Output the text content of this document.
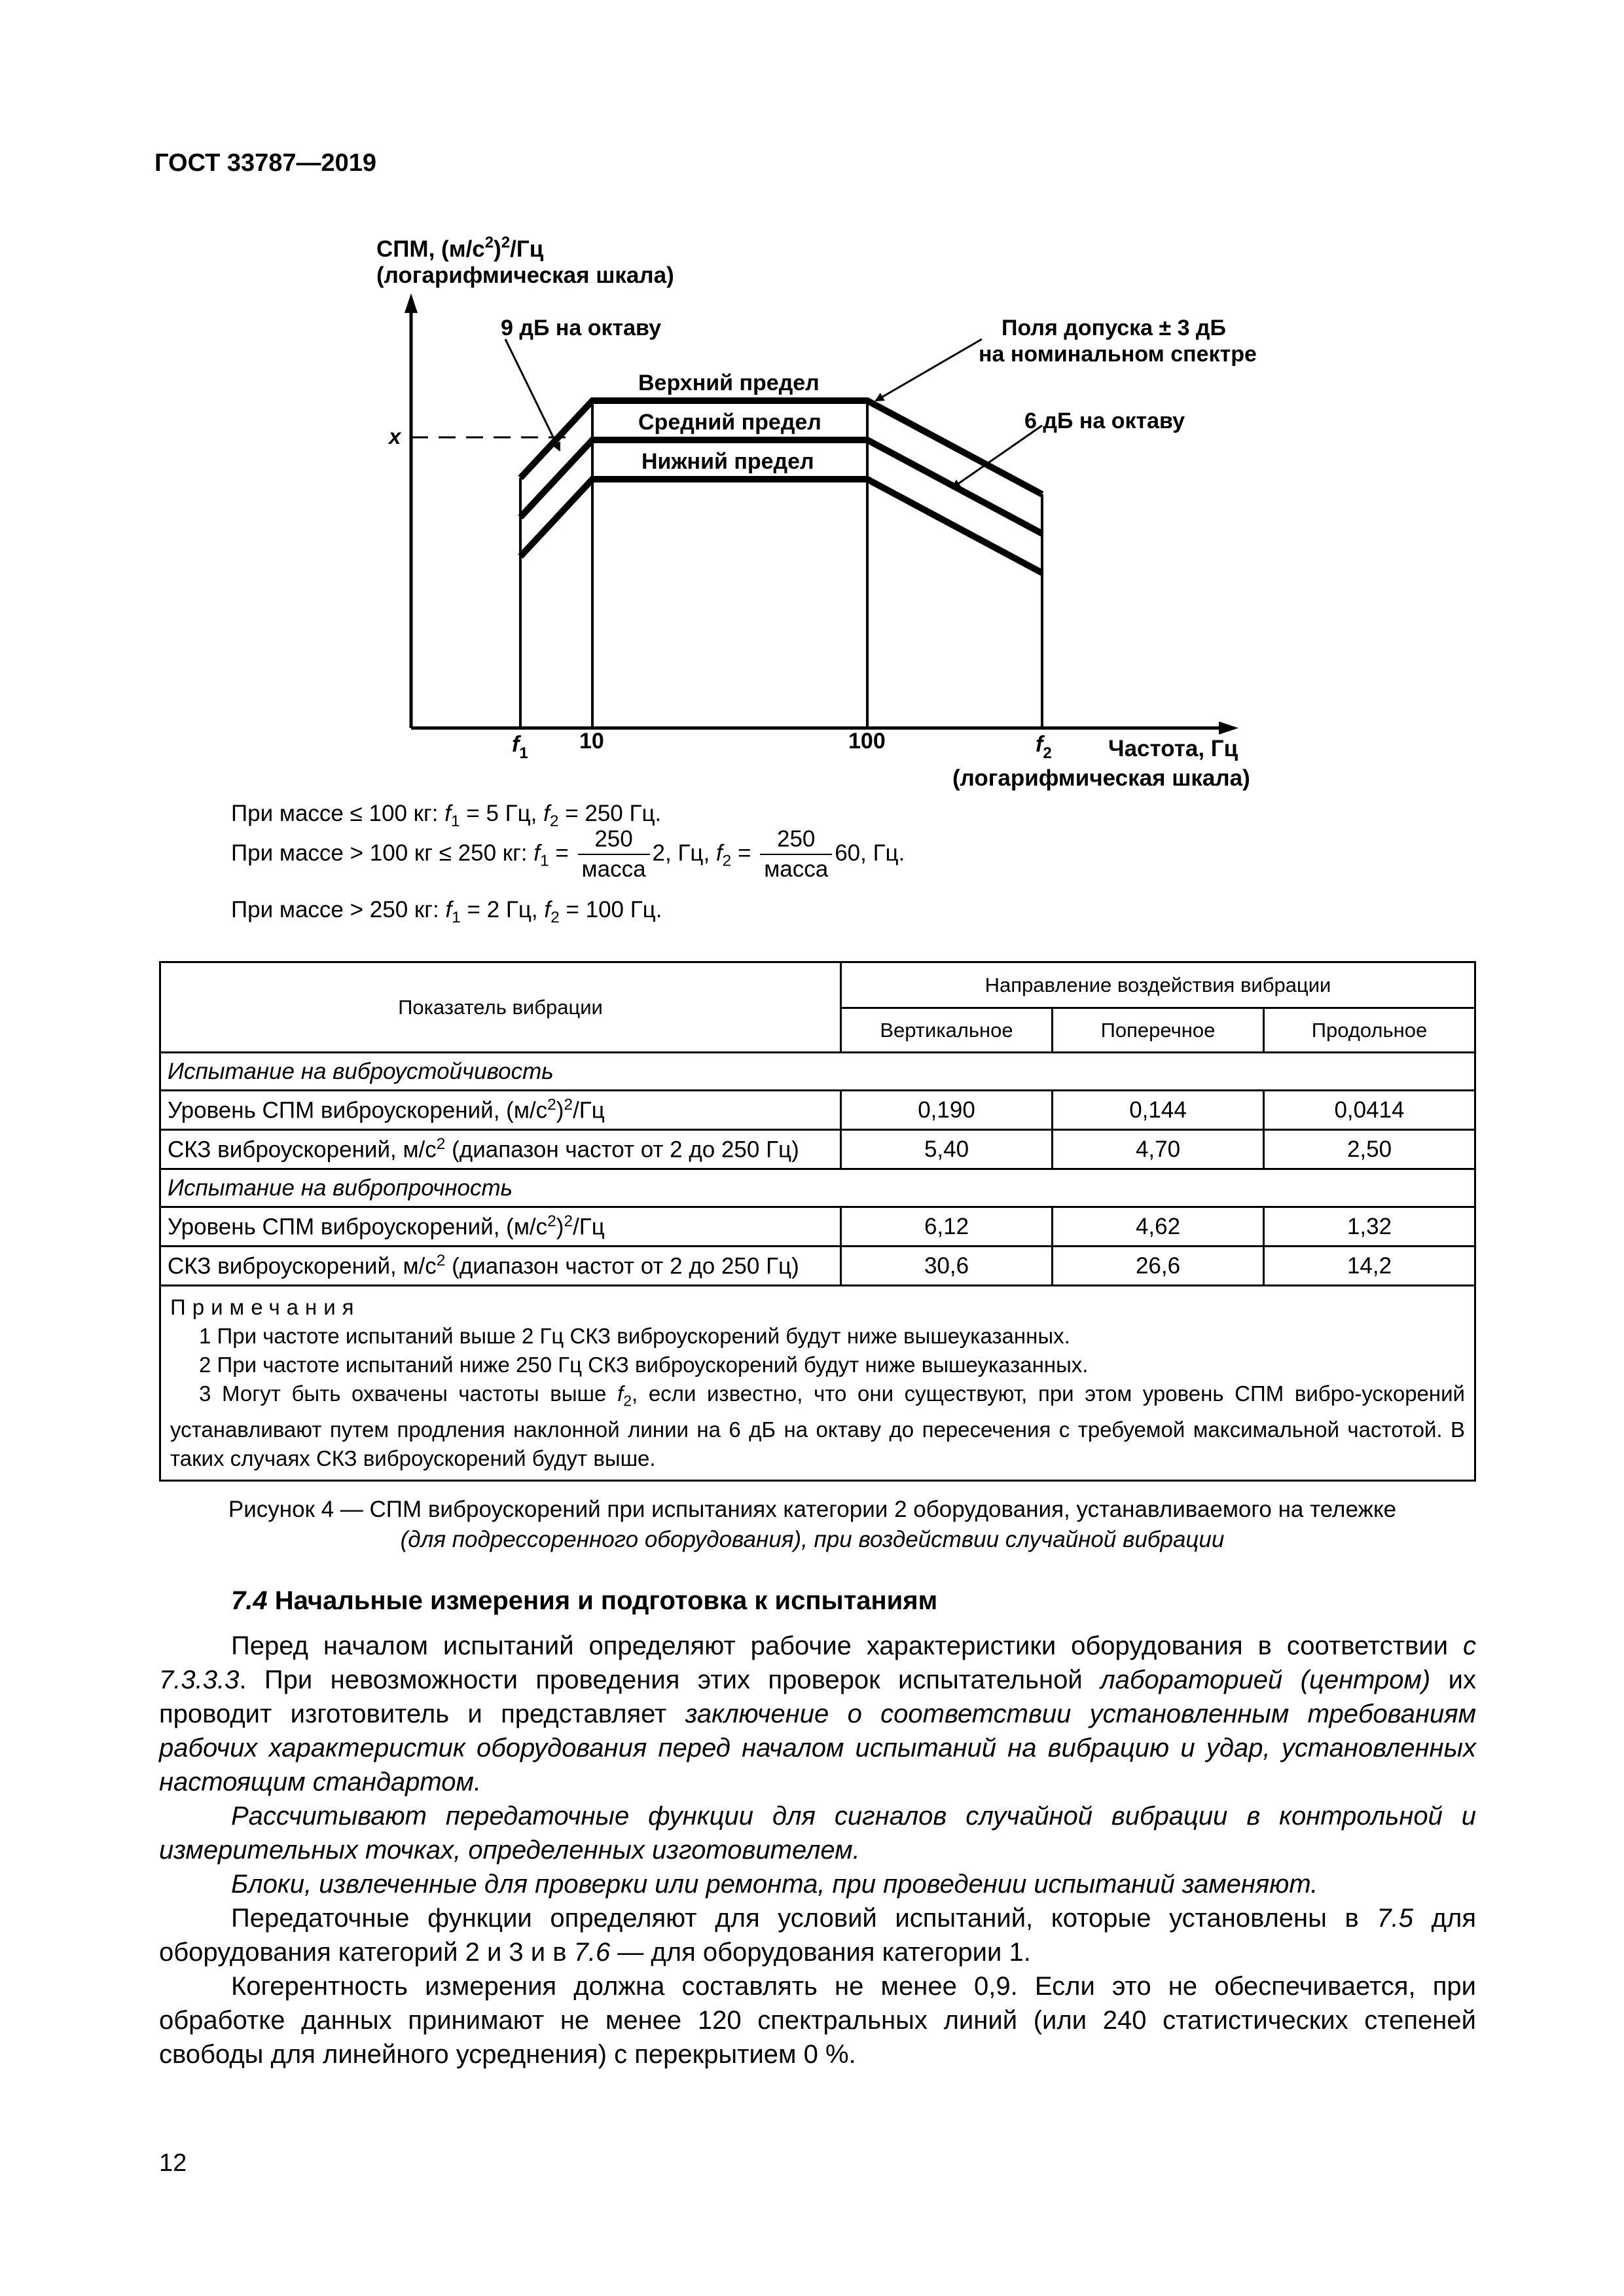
ГОСТ 33787—2019
СПМ, $(м/с^2)^2/Гц$
(логарифмическая шкала)
x
9 дБ на октаву	Поля допуска ± 3 дБ
на номинальном спектре
6 дБ на октаву
Верхний предел
Средний предел
Нижний предел
$f_1$ 10	100	$f_2$ Частота, Гц
(логарифмическая шкала)
При массе ≤ 100 кг: $f_1 = 5$ Гц, $f_2 = 250$ Гц.
При массе > 100 кг ≤ 250 кг: $f_1 = \frac{250}{\text{масса}} 2$, Гц, $f_2 = \frac{250}{\text{масса}} 60$, Гц.
При массе > 250 кг: $f_1 = 2$ Гц, $f_2 = 100$ Гц.
Показатель вибрации	Направление воздействия вибрации		
	Вертикальное	Поперечное	Продольное
Испытание на виброустойчивость			
Уровень СПМ виброускорений, $(м/с^2)^2/Гц$	0,190	0,144	0,0414
СКЗ виброускорений, $м/с^2$ (диапазон частот от 2 до 250 Гц)	5,40	4,70	2,50
Испытание на вибропрочность			
Уровень СПМ виброускорений, $(м/с^2)^2/Гц$	6,12	4,62	1,32
СКЗ виброускорений, $м/с^2$ (диапазон частот от 2 до 250 Гц)	30,6	26,6	14,2

Примечания

1 При частоте испытаний выше 2 Гц СКЗ виброускорений будут ниже вышеуказанных.

2 При частоте испытаний ниже 250 Гц СКЗ виброускорений будут ниже вышеуказанных.

3 Могут быть охвачены частоты выше $f_2$, если известно, что они существуют, при этом уровень СПМ вибро-ускорений устанавливают путем продления наклонной линии на 6 дБ на октаву до пересечения с требуемой максимальной частотой. В таких случаях СКЗ виброускорений будут выше.			

Рисунок 4 — СПМ виброускорений при испытаниях категории 2 оборудования, устанавливаемого на тележке
(для подрессоренного оборудования), при воздействии случайной вибрации
7.4 Начальные измерения и подготовка к испытаниям

Перед началом испытаний определяют рабочие характеристики оборудования в соответствии с 7.3.3.3. При невозможности проведения этих проверок испытательной лабораторией (центром) их проводит изготовитель и представляет заключение о соответствии установленным требованиям рабочих характеристик оборудования перед началом испытаний на вибрацию и удар, установленных настоящим стандартом.

Рассчитывают передаточные функции для сигналов случайной вибрации в контрольной и измерительных точках, определенных изготовителем.

Блоки, извлеченные для проверки или ремонта, при проведении испытаний заменяют.

Передаточные функции определяют для условий испытаний, которые установлены в 7.5 для оборудования категорий 2 и 3 и в 7.6 — для оборудования категории 1.

Когерентность измерения должна составлять не менее 0,9. Если это не обеспечивается, при обработке данных принимают не менее 120 спектральных линий (или 240 статистических степеней свободы для линейного усреднения) с перекрытием 0 %.

12
